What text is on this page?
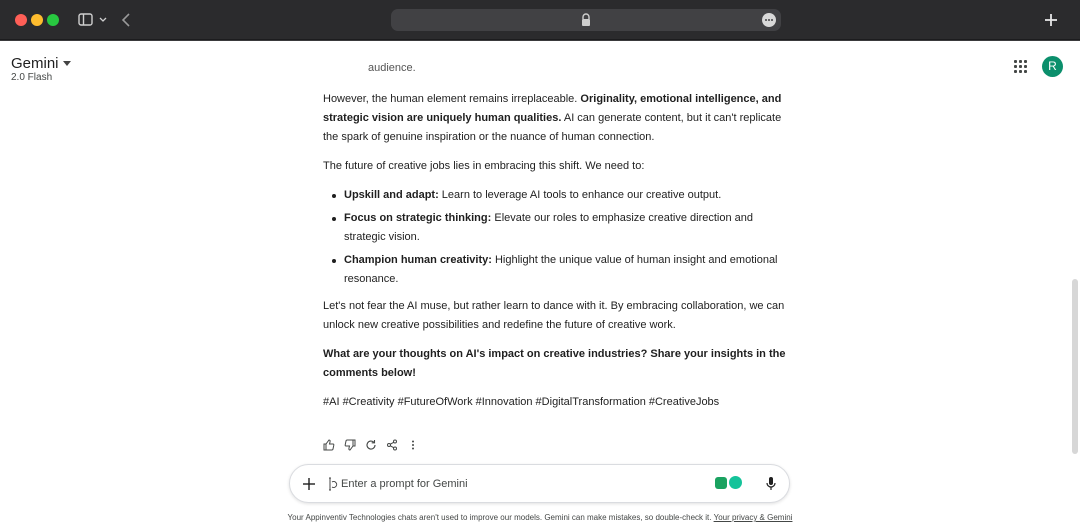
Gemini
2.0 Flash
R
audience.

However, the human element remains irreplaceable. Originality, emotional intelligence, and strategic vision are uniquely human qualities. AI can generate content, but it can't replicate the spark of genuine inspiration or the nuance of human connection.

The future of creative jobs lies in embracing this shift. We need to:

Upskill and adapt: Learn to leverage AI tools to enhance our creative output.
Focus on strategic thinking: Elevate our roles to emphasize creative direction and strategic vision.
Champion human creativity: Highlight the unique value of human insight and emotional resonance.

Let's not fear the AI muse, but rather learn to dance with it. By embracing collaboration, we can unlock new creative possibilities and redefine the future of creative work.

What are your thoughts on AI's impact on creative industries? Share your insights in the comments below!

#AI #Creativity #FutureOfWork #Innovation #DigitalTransformation #CreativeJobs

Enter a prompt for Gemini
Your Appinventiv Technologies chats aren't used to improve our models. Gemini can make mistakes, so double-check it. Your privacy & Gemini
